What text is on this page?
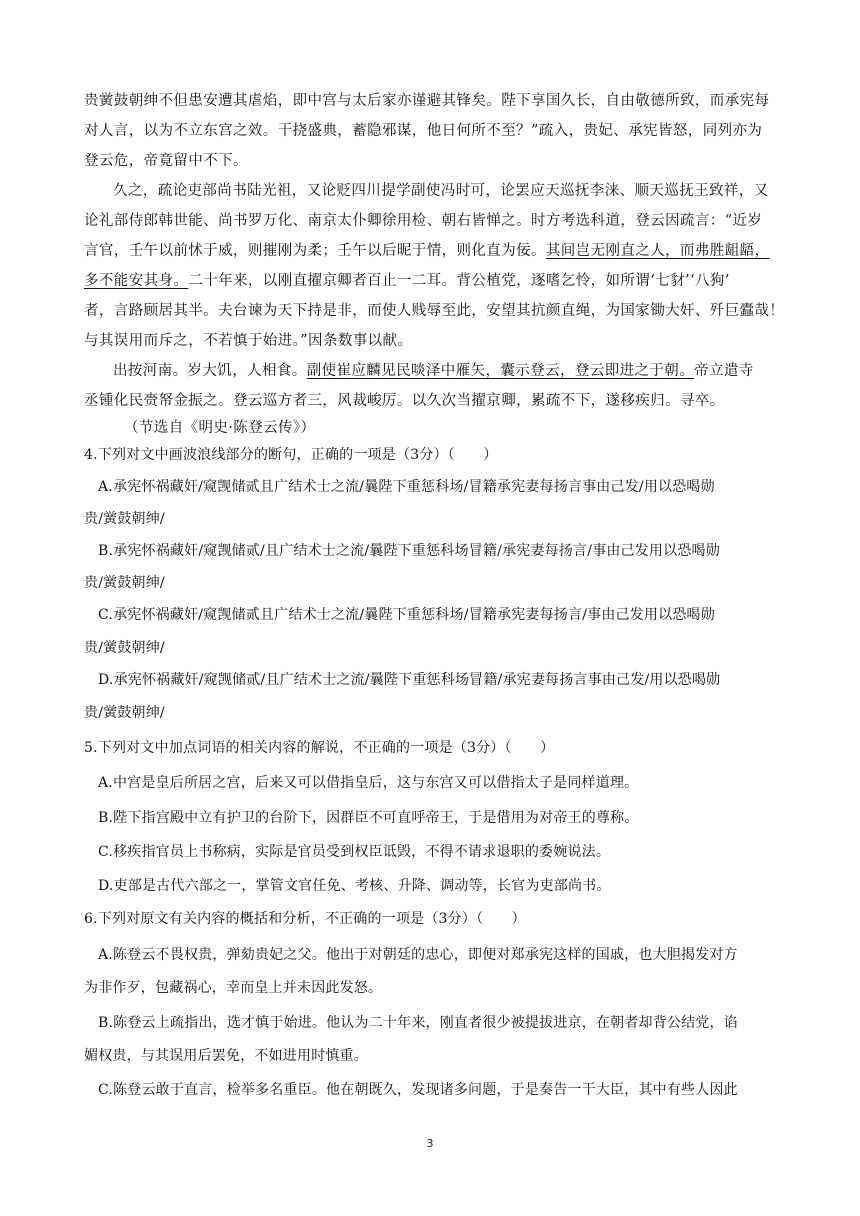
贵黉鼓朝绅不但患安遭其虐焰，即中宫与太后家亦谨避其锋矣。陛下享国久长，自由敬德所致，而承宪每
对人言，以为不立东宫之效。干挠盛典，蓄隐邪谋，他日何所不至？”疏入，贵妃、承宪皆怒，同列亦为
登云危，帝竟留中不下。
久之，疏论吏部尚书陆光祖，又论贬四川提学副使冯时可，论罢应天巡抚李涞、顺天巡抚王致祥，又
论礼部侍郎韩世能、尚书罗万化、南京太仆卿徐用检、朝右皆惮之。时方考选科道，登云因疏言：“近岁
言官，壬午以前怵于威，则摧刚为柔；壬午以后昵于情，则化直为佞。其间岂无刚直之人，而弗胜龃龉，
多不能安其身。二十年来，以刚直擢京卿者百止一二耳。背公植党，逐嗜乞怜，如所谓‘七豺’‘八狗’
者，言路顾居其半。夫台谏为天下持是非，而使人贱辱至此，安望其抗颜直绳，为国家锄大奸、歼巨蠹哉！
与其误用而斥之，不若慎于始进。”因条数事以献。
出按河南。岁大饥，人相食。副使崔应麟见民啖泽中雁矢，囊示登云，登云即进之于朝。帝立遣寺
丞锺化民赍帑金振之。登云巡方者三，风裁峻厉。以久次当擢京卿，累疏不下，遂移疾归。寻卒。
（节选自《明史·陈登云传》）
4.下列对文中画波浪线部分的断句，正确的一项是（3分）（　　）
A.承宪怀祸藏奸/窥觊储贰且广结术士之流/曩陛下重惩科场/冒籍承宪妻每扬言事由己发/用以恐喝勋
贵/黉鼓朝绅/
B.承宪怀祸藏奸/窥觊储贰/且广结术士之流/曩陛下重惩科场冒籍/承宪妻每扬言/事由己发用以恐喝勋
贵/黉鼓朝绅/
C.承宪怀祸藏奸/窥觊储贰且广结术士之流/曩陛下重惩科场/冒籍承宪妻每扬言/事由己发用以恐喝勋
贵/黉鼓朝绅/
D.承宪怀祸藏奸/窥觊储贰/且广结术士之流/曩陛下重惩科场冒籍/承宪妻每扬言事由己发/用以恐喝勋
贵/黉鼓朝绅/
5.下列对文中加点词语的相关内容的解说，不正确的一项是（3分）（　　）
A.中宫是皇后所居之宫，后来又可以借指皇后，这与东宫又可以借指太子是同样道理。
B.陛下指宫殿中立有护卫的台阶下，因群臣不可直呼帝王，于是借用为对帝王的尊称。
C.移疾指官员上书称病，实际是官员受到权臣诋毁，不得不请求退职的委婉说法。
D.吏部是古代六部之一，掌管文官任免、考核、升降、调动等，长官为吏部尚书。
6.下列对原文有关内容的概括和分析，不正确的一项是（3分）（　　）
A.陈登云不畏权贵，弹劾贵妃之父。他出于对朝廷的忠心，即便对郑承宪这样的国戚，也大胆揭发对方
为非作歹，包藏祸心，幸而皇上并未因此发怒。
B.陈登云上疏指出，选才慎于始进。他认为二十年来，刚直者很少被提拔进京，在朝者却背公结党，谄
媚权贵，与其误用后罢免，不如进用时慎重。
C.陈登云敢于直言，检举多名重臣。他在朝既久，发现诸多问题，于是奏告一干大臣，其中有些人因此
3
